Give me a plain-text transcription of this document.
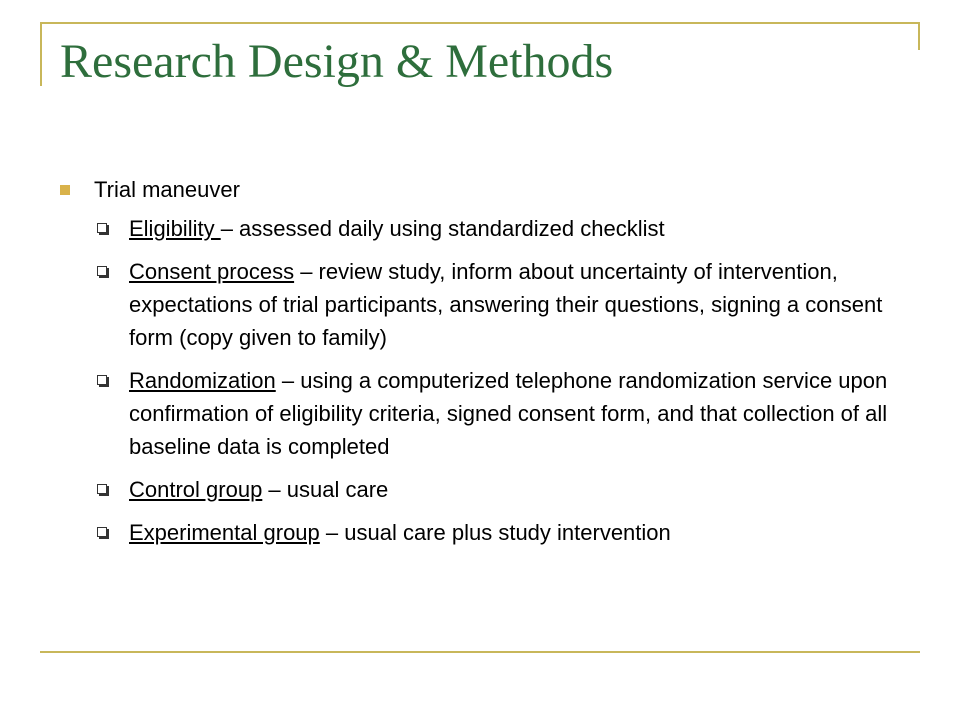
Research Design & Methods
Trial maneuver
Eligibility – assessed daily using standardized checklist
Consent process – review study, inform about uncertainty of intervention, expectations of trial participants, answering their questions, signing a consent form (copy given to family)
Randomization – using a computerized telephone randomization service upon confirmation of eligibility criteria, signed consent form, and that collection of all baseline data is completed
Control group – usual care
Experimental group – usual care plus study intervention
